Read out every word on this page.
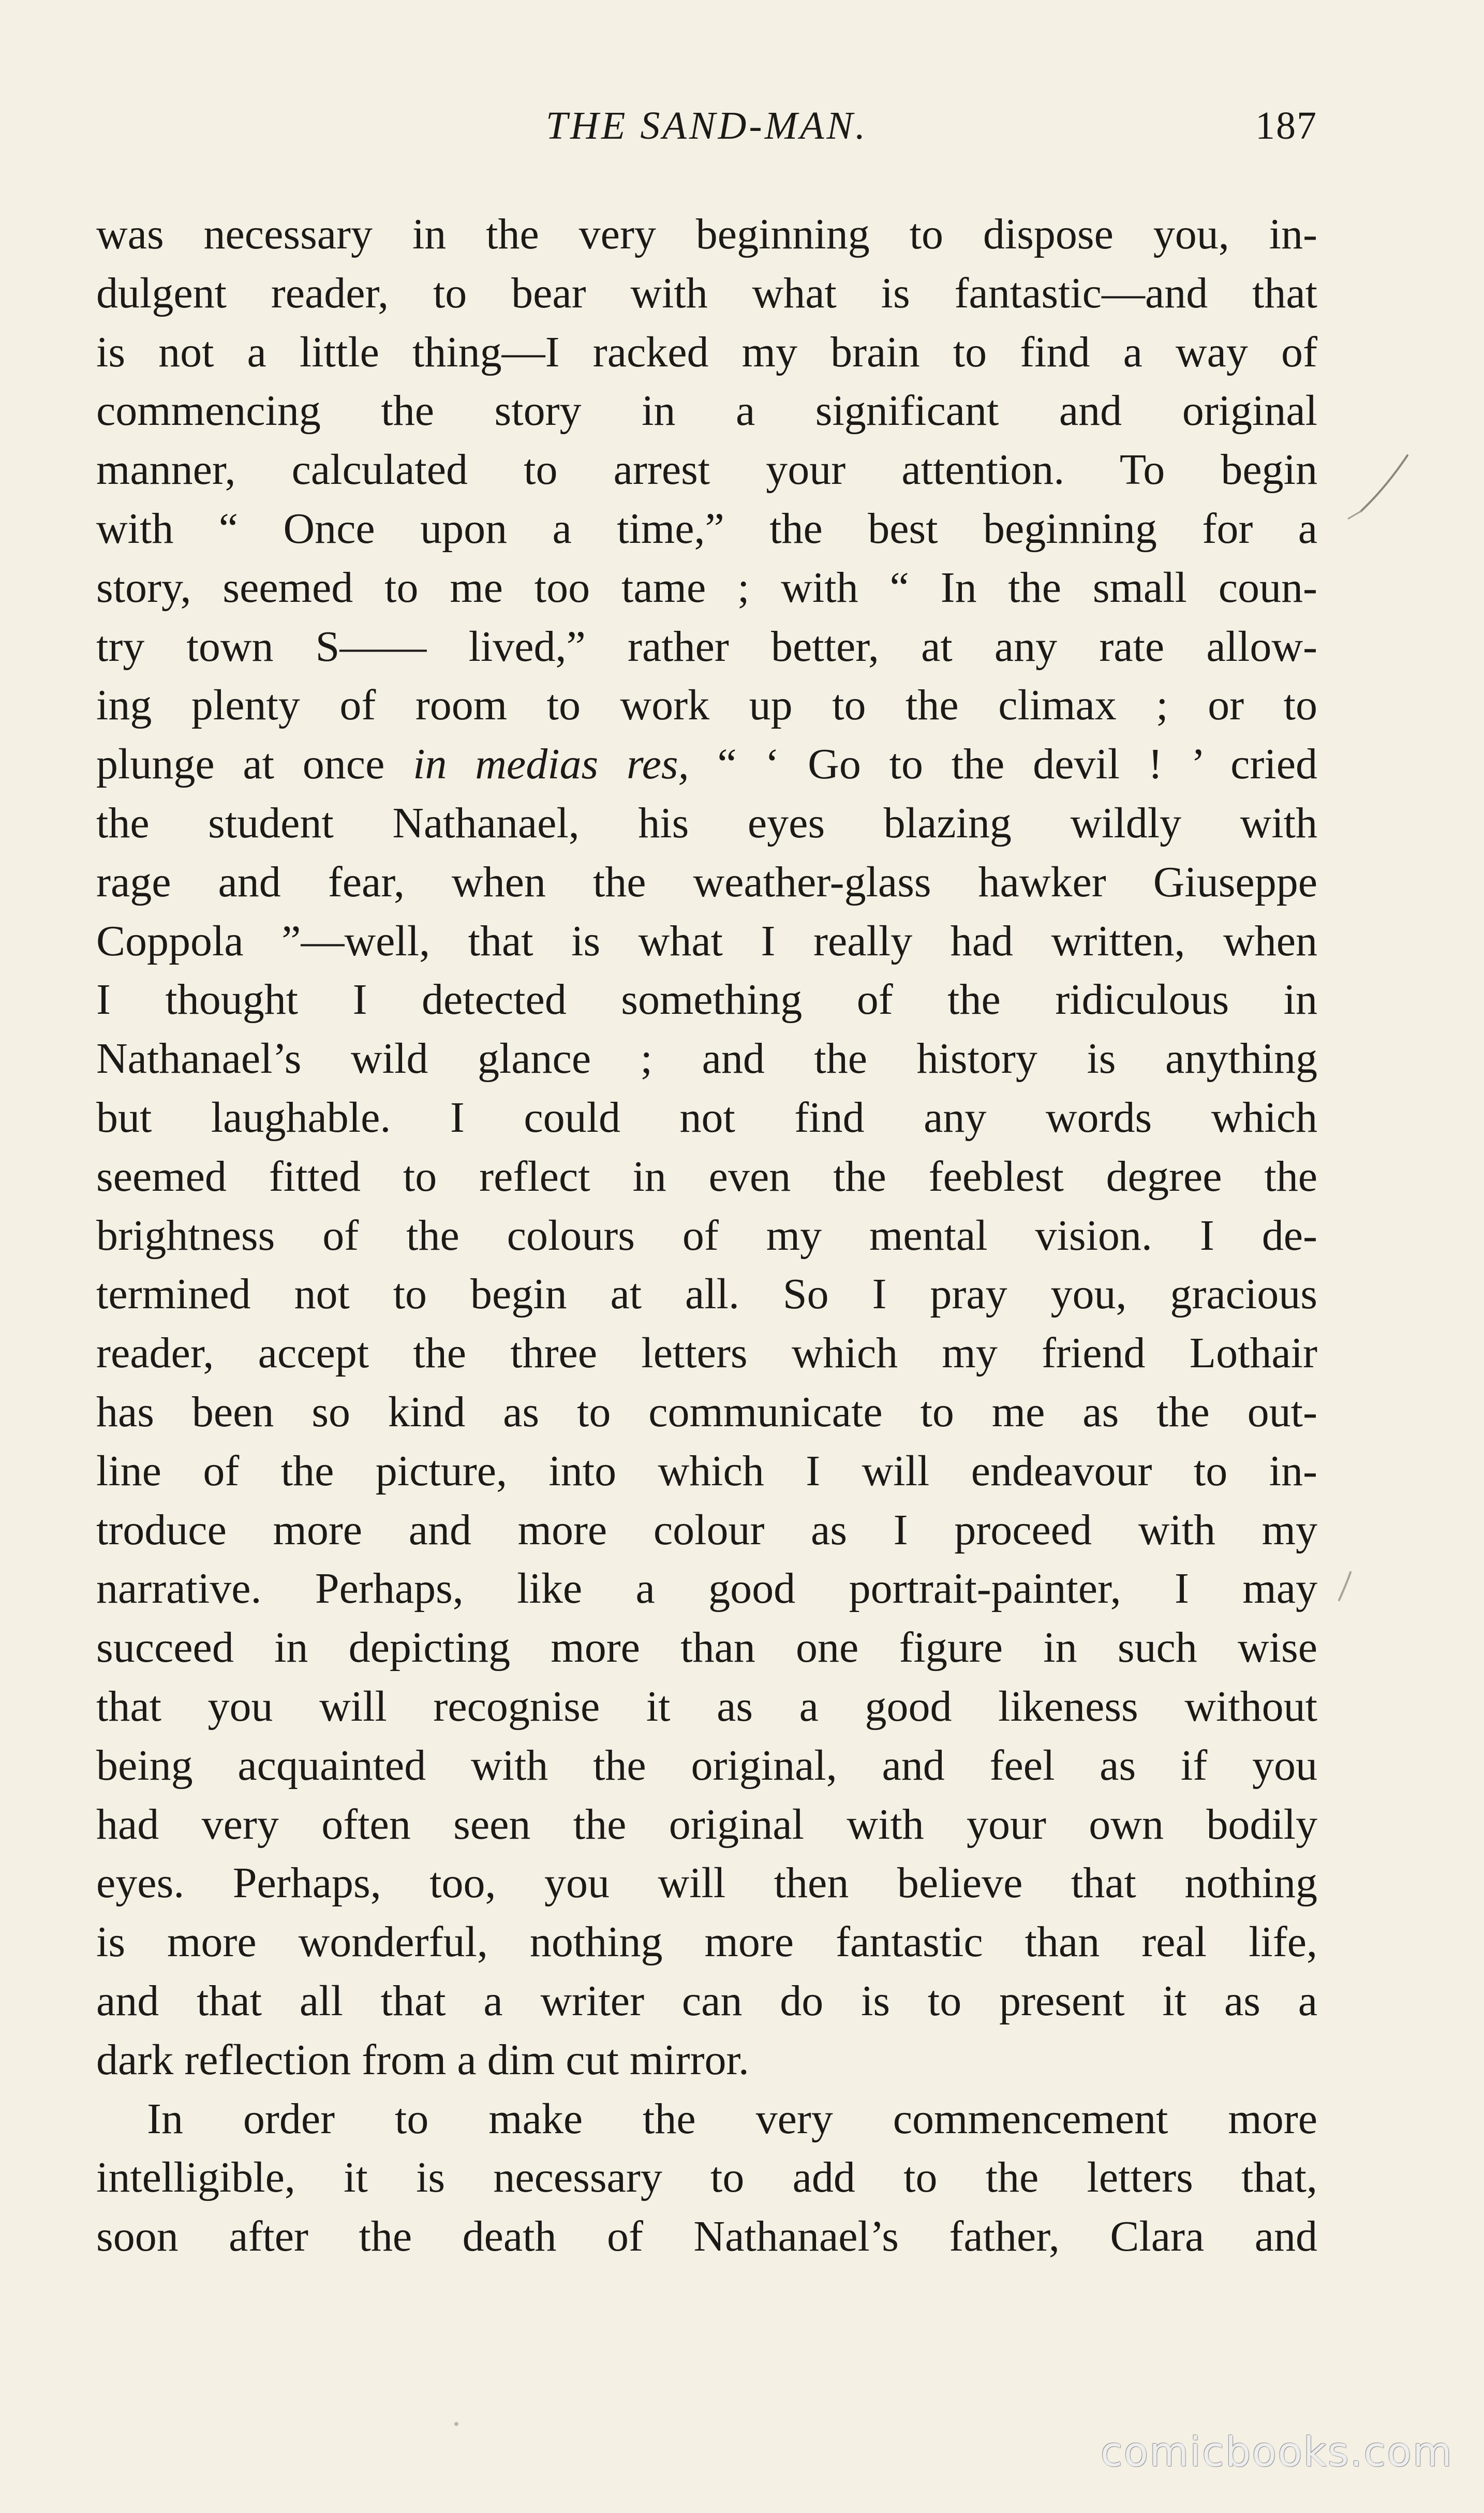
THE SAND-MAN.	187
was necessary in the very beginning to dispose you, in-
dulgent reader, to bear with what is fantastic—and that
is not a little thing—I racked my brain to find a way of
commencing the story in a significant and original
manner, calculated to arrest your attention. To begin
with “ Once upon a time,” the best beginning for a
story, seemed to me too tame ; with “ In the small coun-
try town S—— lived,” rather better, at any rate allow-
ing plenty of room to work up to the climax ; or to
plunge at once in medias res, “ ‘ Go to the devil ! ’ cried
the student Nathanael, his eyes blazing wildly with
rage and fear, when the weather-glass hawker Giuseppe
Coppola ”—well, that is what I really had written, when
I thought I detected something of the ridiculous in
Nathanael’s wild glance ; and the history is anything
but laughable. I could not find any words which
seemed fitted to reflect in even the feeblest degree the
brightness of the colours of my mental vision. I de-
termined not to begin at all. So I pray you, gracious
reader, accept the three letters which my friend Lothair
has been so kind as to communicate to me as the out-
line of the picture, into which I will endeavour to in-
troduce more and more colour as I proceed with my
narrative. Perhaps, like a good portrait-painter, I may
succeed in depicting more than one figure in such wise
that you will recognise it as a good likeness without
being acquainted with the original, and feel as if you
had very often seen the original with your own bodily
eyes. Perhaps, too, you will then believe that nothing
is more wonderful, nothing more fantastic than real life,
and that all that a writer can do is to present it as a
dark reflection from a dim cut mirror.
In order to make the very commencement more
intelligible, it is necessary to add to the letters that,
soon after the death of Nathanael’s father, Clara and
comicbooks.com
